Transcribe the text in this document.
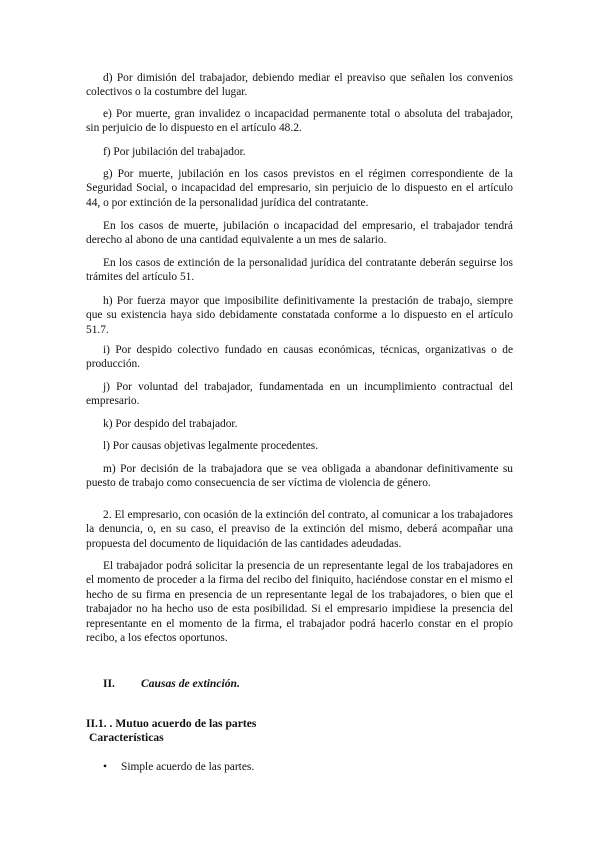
d) Por dimisión del trabajador, debiendo mediar el preaviso que señalen los convenios colectivos o la costumbre del lugar.

e) Por muerte, gran invalidez o incapacidad permanente total o absoluta del trabajador, sin perjuicio de lo dispuesto en el artículo 48.2.

f) Por jubilación del trabajador.

g) Por muerte, jubilación en los casos previstos en el régimen correspondiente de la Seguridad Social, o incapacidad del empresario, sin perjuicio de lo dispuesto en el artículo 44, o por extinción de la personalidad jurídica del contratante.

En los casos de muerte, jubilación o incapacidad del empresario, el trabajador tendrá derecho al abono de una cantidad equivalente a un mes de salario.

En los casos de extinción de la personalidad jurídica del contratante deberán seguirse los trámites del artículo 51.

h) Por fuerza mayor que imposibilite definitivamente la prestación de trabajo, siempre que su existencia haya sido debidamente constatada conforme a lo dispuesto en el artículo 51.7.

i) Por despido colectivo fundado en causas económicas, técnicas, organizativas o de producción.

j) Por voluntad del trabajador, fundamentada en un incumplimiento contractual del empresario.

k) Por despido del trabajador.

l) Por causas objetivas legalmente procedentes.

m) Por decisión de la trabajadora que se vea obligada a abandonar definitivamente su puesto de trabajo como consecuencia de ser víctima de violencia de género.

2. El empresario, con ocasión de la extinción del contrato, al comunicar a los trabajadores la denuncia, o, en su caso, el preaviso de la extinción del mismo, deberá acompañar una propuesta del documento de liquidación de las cantidades adeudadas.

El trabajador podrá solicitar la presencia de un representante legal de los trabajadores en el momento de proceder a la firma del recibo del finiquito, haciéndose constar en el mismo el hecho de su firma en presencia de un representante legal de los trabajadores, o bien que el trabajador no ha hecho uso de esta posibilidad. Si el empresario impidiese la presencia del representante en el momento de la firma, el trabajador podrá hacerlo constar en el propio recibo, a los efectos oportunos.

II. Causas de extinción.

II.1. . Mutuo acuerdo de las partes

Características

• Simple acuerdo de las partes.
